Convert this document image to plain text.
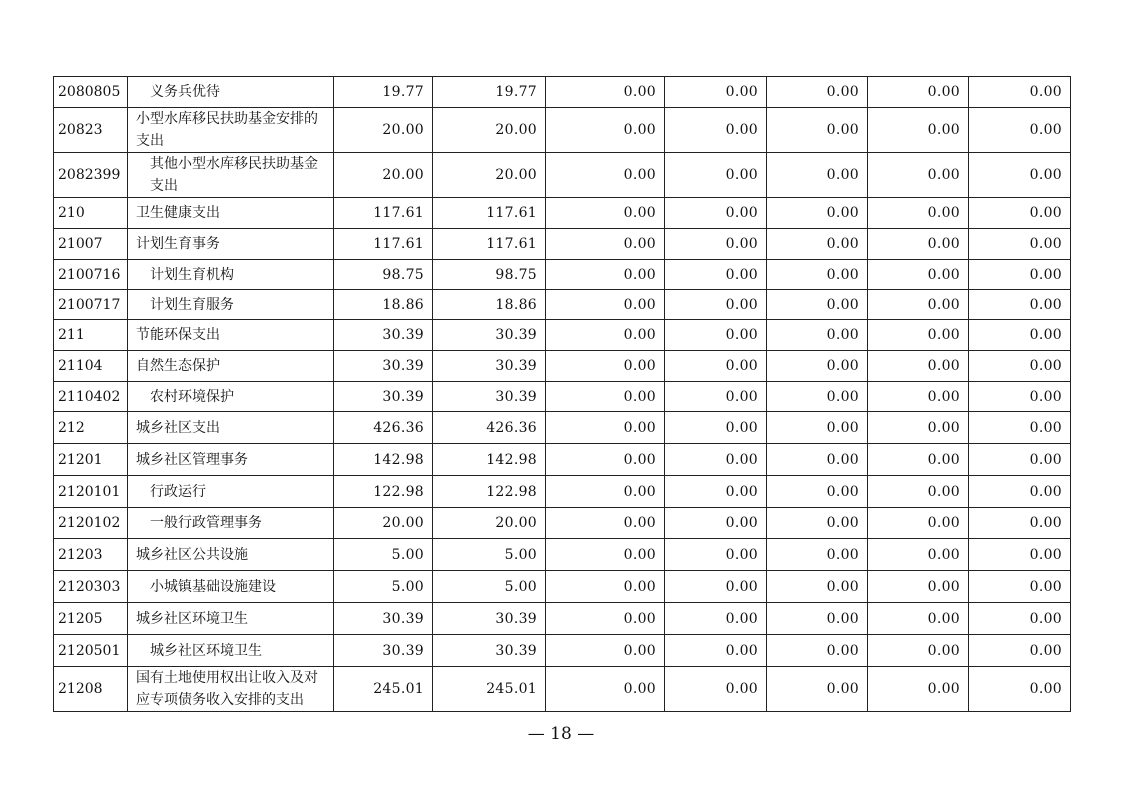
2080805	义务兵优待	19.77	19.77	0.00	0.00	0.00	0.00	0.00
20823	小型水库移民扶助基金安排的支出	20.00	20.00	0.00	0.00	0.00	0.00	0.00
2082399	其他小型水库移民扶助基金支出	20.00	20.00	0.00	0.00	0.00	0.00	0.00
210	卫生健康支出	117.61	117.61	0.00	0.00	0.00	0.00	0.00
21007	计划生育事务	117.61	117.61	0.00	0.00	0.00	0.00	0.00
2100716	计划生育机构	98.75	98.75	0.00	0.00	0.00	0.00	0.00
2100717	计划生育服务	18.86	18.86	0.00	0.00	0.00	0.00	0.00
211	节能环保支出	30.39	30.39	0.00	0.00	0.00	0.00	0.00
21104	自然生态保护	30.39	30.39	0.00	0.00	0.00	0.00	0.00
2110402	农村环境保护	30.39	30.39	0.00	0.00	0.00	0.00	0.00
212	城乡社区支出	426.36	426.36	0.00	0.00	0.00	0.00	0.00
21201	城乡社区管理事务	142.98	142.98	0.00	0.00	0.00	0.00	0.00
2120101	行政运行	122.98	122.98	0.00	0.00	0.00	0.00	0.00
2120102	一般行政管理事务	20.00	20.00	0.00	0.00	0.00	0.00	0.00
21203	城乡社区公共设施	5.00	5.00	0.00	0.00	0.00	0.00	0.00
2120303	小城镇基础设施建设	5.00	5.00	0.00	0.00	0.00	0.00	0.00
21205	城乡社区环境卫生	30.39	30.39	0.00	0.00	0.00	0.00	0.00
2120501	城乡社区环境卫生	30.39	30.39	0.00	0.00	0.00	0.00	0.00
21208	国有土地使用权出让收入及对应专项债务收入安排的支出	245.01	245.01	0.00	0.00	0.00	0.00	0.00
— 18 —
